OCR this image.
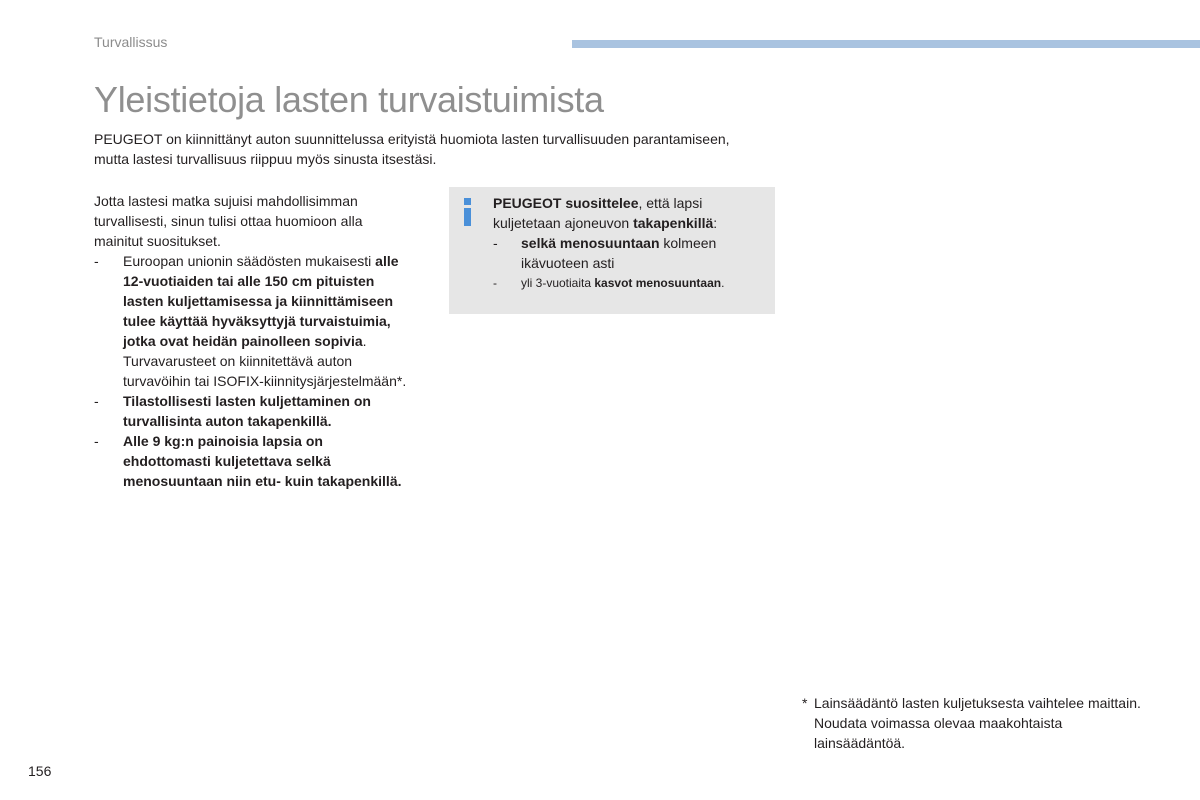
Turvallissus
Yleistietoja lasten turvaistuimista

PEUGEOT on kiinnittänyt auton suunnittelussa erityistä huomiota lasten turvallisuuden parantamiseen, mutta lastesi turvallisuus riippuu myös sinusta itsestäsi.

Jotta lastesi matka sujuisi mahdollisimman turvallisesti, sinun tulisi ottaa huomioon alla mainitut suositukset.

- Euroopan unionin säädösten mukaisesti alle 12-vuotiaiden tai alle 150 cm pituisten lasten kuljettamisessa ja kiinnittämiseen tulee käyttää hyväksyttyjä turvaistuimia, jotka ovat heidän painolleen sopivia. Turvavarusteet on kiinnitettävä auton turvavöihin tai ISOFIX-kiinnitysjärjestelmään*.
- Tilastollisesti lasten kuljettaminen on turvallisinta auton takapenkillä.
- Alle 9 kg:n painoisia lapsia on ehdottomasti kuljetettava selkä menosuuntaan niin etu- kuin takapenkillä.

PEUGEOT suosittelee, että lapsi kuljetetaan ajoneuvon takapenkillä:

- selkä menosuuntaan kolmeen ikävuoteen asti
- yli 3-vuotiaita kasvot menosuuntaan.
* Lainsäädäntö lasten kuljetuksesta vaihtelee maittain. Noudata voimassa olevaa maakohtaista lainsäädäntöä.
156
